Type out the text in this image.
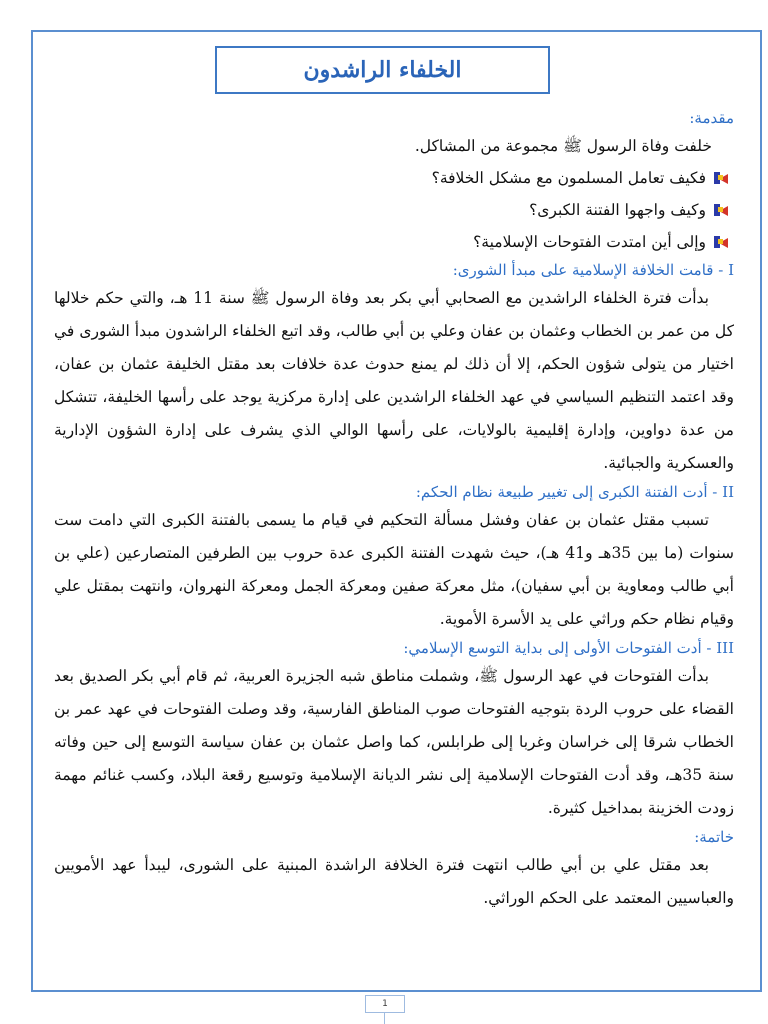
الخلفاء الراشدون

مقدمة:

خلفت وفاة الرسول ﷺ مجموعة من المشاكل.

فكيف تعامل المسلمون مع مشكل الخلافة؟
وكيف واجهوا الفتنة الكبرى؟
وإلى أين امتدت الفتوحات الإسلامية؟

I - قامت الخلافة الإسلامية على مبدأ الشورى:

بدأت فترة الخلفاء الراشدين مع الصحابي أبي بكر بعد وفاة الرسول ﷺ سنة 11 هـ، والتي حكم خلالها كل من عمر بن الخطاب وعثمان بن عفان وعلي بن أبي طالب، وقد اتبع الخلفاء الراشدون مبدأ الشورى في اختيار من يتولى شؤون الحكم، إلا أن ذلك لم يمنع حدوث عدة خلافات بعد مقتل الخليفة عثمان بن عفان، وقد اعتمد التنظيم السياسي في عهد الخلفاء الراشدين على إدارة مركزية يوجد على رأسها الخليفة، تتشكل من عدة دواوين، وإدارة إقليمية بالولايات، على رأسها الوالي الذي يشرف على إدارة الشؤون الإدارية والعسكرية والجبائية.

II - أدت الفتنة الكبرى إلى تغيير طبيعة نظام الحكم:

تسبب مقتل عثمان بن عفان وفشل مسألة التحكيم في قيام ما يسمى بالفتنة الكبرى التي دامت ست سنوات (ما بين 35هـ و41 هـ)، حيث شهدت الفتنة الكبرى عدة حروب بين الطرفين المتصارعين (علي بن أبي طالب ومعاوية بن أبي سفيان)، مثل معركة صفين ومعركة الجمل ومعركة النهروان، وانتهت بمقتل علي وقيام نظام حكم وراثي على يد الأسرة الأموية.

III - أدت الفتوحات الأولى إلى بداية التوسع الإسلامي:

بدأت الفتوحات في عهد الرسول ﷺ، وشملت مناطق شبه الجزيرة العربية، ثم قام أبي بكر الصديق بعد القضاء على حروب الردة بتوجيه الفتوحات صوب المناطق الفارسية، وقد وصلت الفتوحات في عهد عمر بن الخطاب شرقا إلى خراسان وغربا إلى طرابلس، كما واصل عثمان بن عفان سياسة التوسع إلى حين وفاته سنة 35هـ، وقد أدت الفتوحات الإسلامية إلى نشر الديانة الإسلامية وتوسيع رقعة البلاد، وكسب غنائم مهمة زودت الخزينة بمداخيل كثيرة.

خاتمة:

بعد مقتل علي بن أبي طالب انتهت فترة الخلافة الراشدة المبنية على الشورى، ليبدأ عهد الأمويين والعباسيين المعتمد على الحكم الوراثي.

1
